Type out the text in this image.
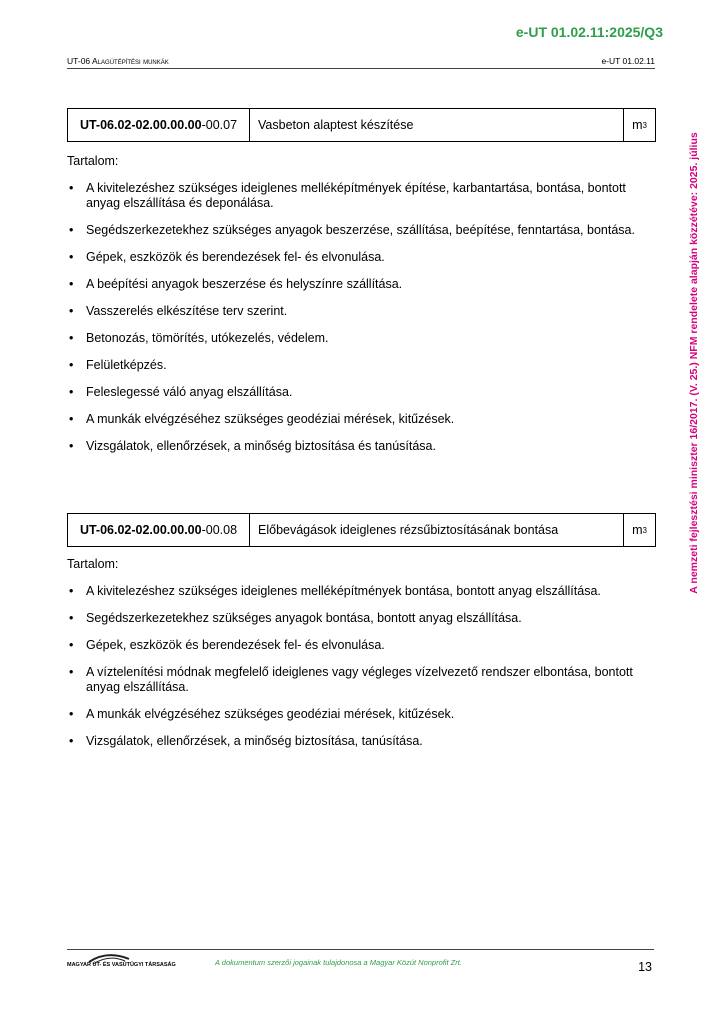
e-UT 01.02.11:2025/Q3
UT-06 Alagútépítési munkák	e-UT 01.02.11
A nemzeti fejlesztési miniszter 16/2017. (V. 25.) NFM rendelete alapján közzétéve: 2025. július
UT-06.02-02.00.00.00 -00.07	Vasbeton alaptest készítése	m 3
Tartalom:
• A kivitelezéshez szükséges ideiglenes melléképítmények építése, karbantartása, bontása, bontott anyag elszállítása és deponálása.
• Segédszerkezetekhez szükséges anyagok beszerzése, szállítása, beépítése, fenntartása, bontása.
• Gépek, eszközök és berendezések fel- és elvonulása.
• A beépítési anyagok beszerzése és helyszínre szállítása.
• Vasszerelés elkészítése terv szerint.
• Betonozás, tömörítés, utókezelés, védelem.
• Felületképzés.
• Feleslegessé váló anyag elszállítása.
• A munkák elvégzéséhez szükséges geodéziai mérések, kitűzések.
• Vizsgálatok, ellenőrzések, a minőség biztosítása és tanúsítása.
UT-06.02-02.00.00.00 -00.08	Előbevágások ideiglenes rézsűbiztosításának bontása	m 3
Tartalom:
• A kivitelezéshez szükséges ideiglenes melléképítmények bontása, bontott anyag elszállítása.
• Segédszerkezetekhez szükséges anyagok bontása, bontott anyag elszállítása.
• Gépek, eszközök és berendezések fel- és elvonulása.
• A víztelenítési módnak megfelelő ideiglenes vagy végleges vízelvezető rendszer elbontása, bontott anyag elszállítása.
• A munkák elvégzéséhez szükséges geodéziai mérések, kitűzések.
• Vizsgálatok, ellenőrzések, a minőség biztosítása, tanúsítása.
MAGYAR ÚT- ÉS VASÚTÜGYI TÁRSASÁG	A dokumentum szerzői jogainak tulajdonosa a Magyar Közút Nonprofit Zrt.	13
